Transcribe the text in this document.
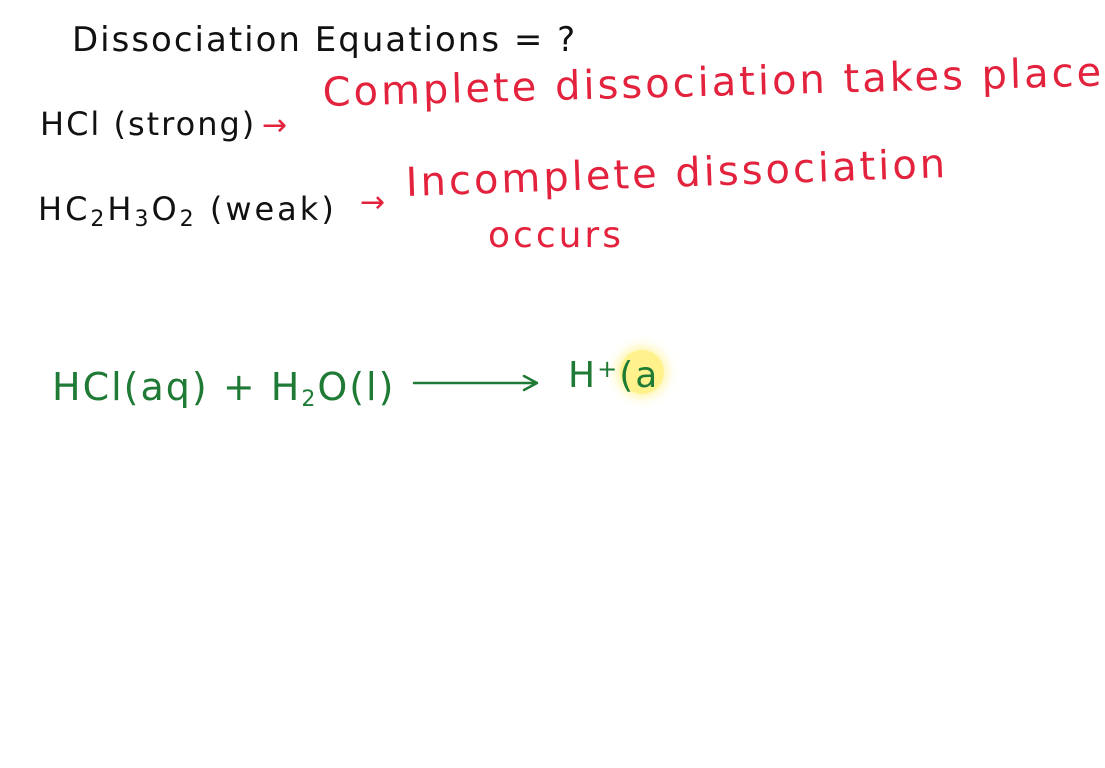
Dissociation Equations = ?
HCl (strong) →
Complete dissociation takes place
$HC_2H_3O_2$ (weak) → Incomplete dissociation
occurs
$HCl(aq) + H_2O(l)$	H+(a
